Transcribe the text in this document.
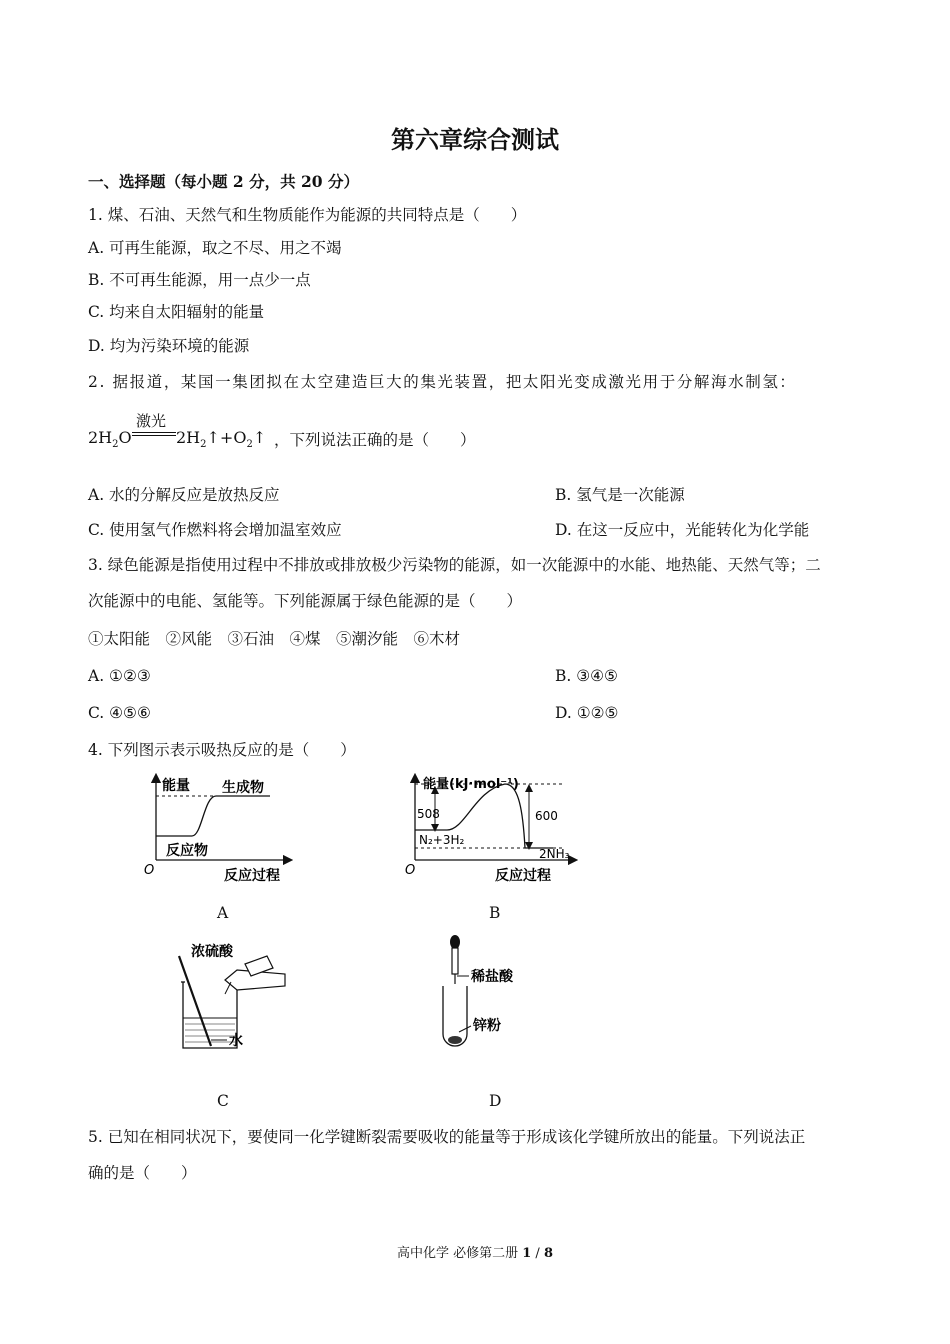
第六章综合测试
一、选择题（每小题 2 分，共 20 分）
1. 煤、石油、天然气和生物质能作为能源的共同特点是（　　）
A. 可再生能源，取之不尽、用之不竭
B. 不可再生能源，用一点少一点
C. 均来自太阳辐射的能量
D. 均为污染环境的能源
2. 据报道，某国一集团拟在太空建造巨大的集光装置，把太阳光变成激光用于分解海水制氢：
激光
$2H_2O$	$2H_2↑+O_2↑$ ，下列说法正确的是（　　）
A. 水的分解反应是放热反应	B. 氢气是一次能源
C. 使用氢气作燃料将会增加温室效应	D. 在这一反应中，光能转化为化学能
3. 绿色能源是指使用过程中不排放或排放极少污染物的能源，如一次能源中的水能、地热能、天然气等；二
次能源中的电能、氢能等。下列能源属于绿色能源的是（　　）
①太阳能　②风能　③石油　④煤　⑤潮汐能　⑥木材
A. ①②③	B. ③④⑤
C. ④⑤⑥	D. ①②⑤
4. 下列图示表示吸热反应的是（　　）
能量 生成物
反应物
O	反应过程
A
能量(kJ·mol⁻¹)
508	600
N₂+3H₂
2NH₃
O	反应过程
B
浓硫酸
水
C
稀盐酸
锌粉
D
5. 已知在相同状况下，要使同一化学键断裂需要吸收的能量等于形成该化学键所放出的能量。下列说法正
确的是（　　）
高中化学 必修第二册 1 / 8
